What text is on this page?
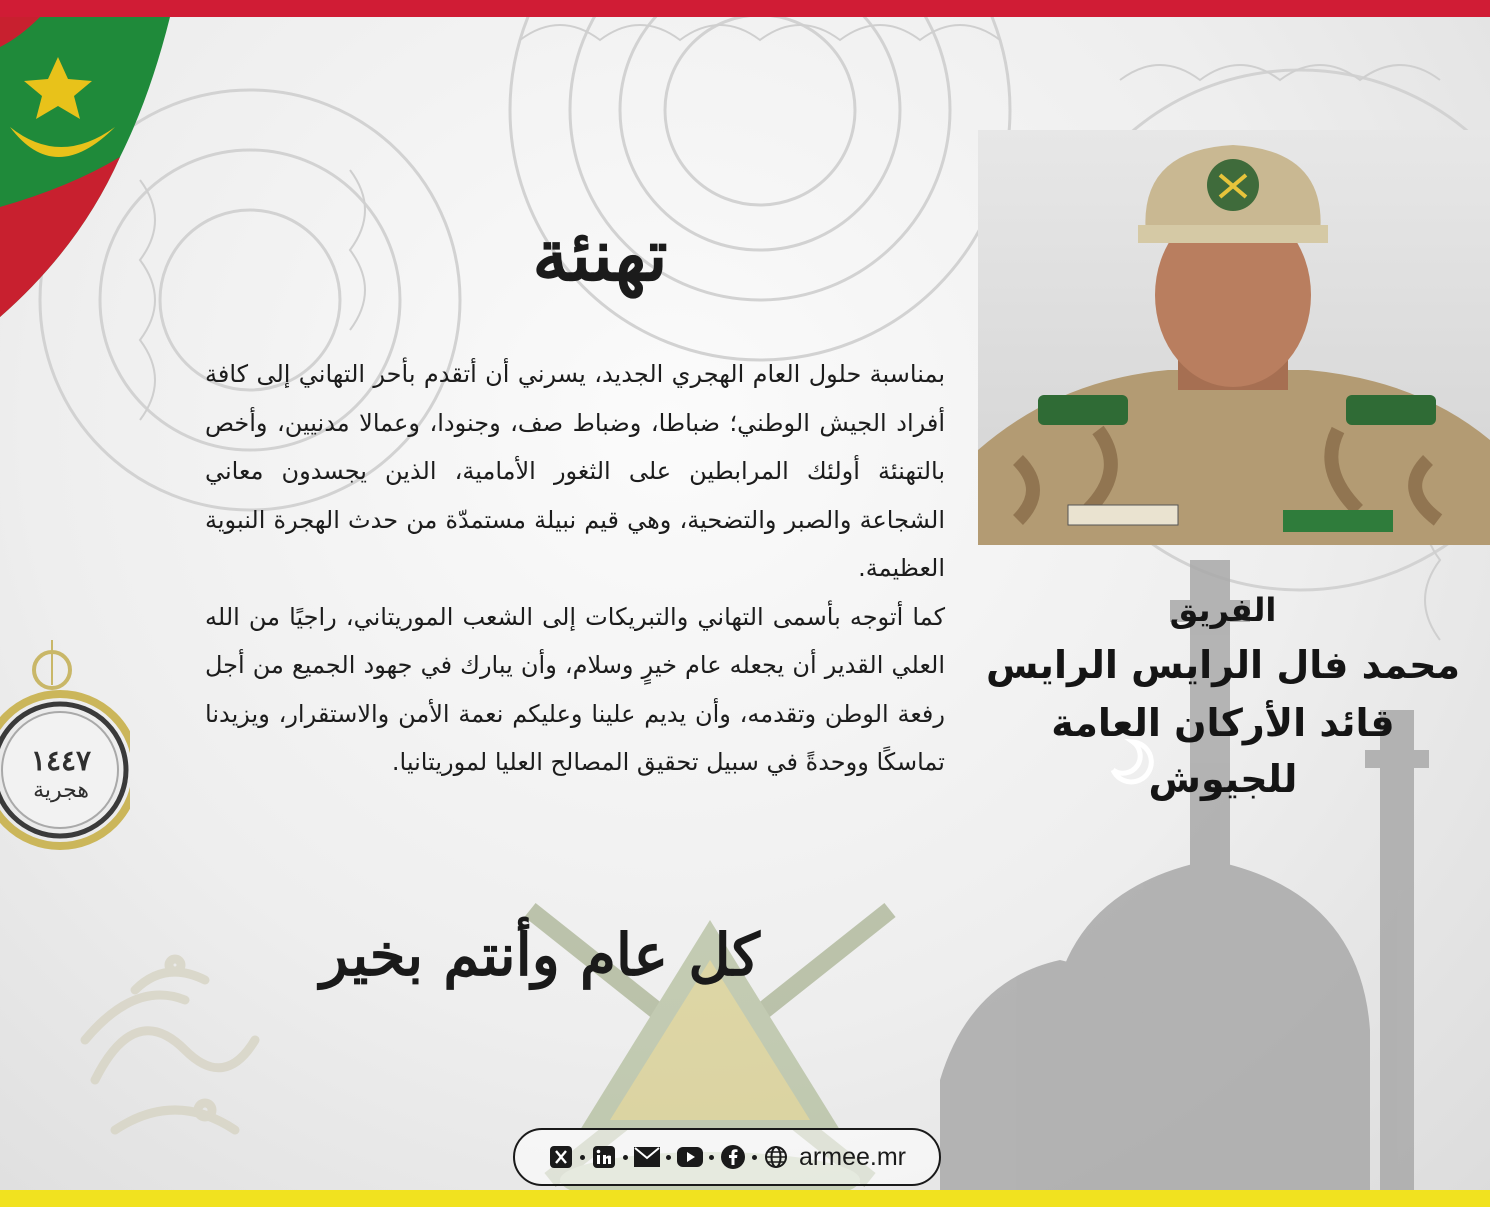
١٤٤٧
هجرية
تهنئة

بمناسبة حلول العام الهجري الجديد، يسرني أن أتقدم بأحر التهاني إلى كافة أفراد الجيش الوطني؛ ضباطا، وضباط صف، وجنودا، وعمالا مدنيين، وأخص بالتهنئة أولئك المرابطين على الثغور الأمامية، الذين يجسدون معاني الشجاعة والصبر والتضحية، وهي قيم نبيلة مستمدّة من حدث الهجرة النبوية العظيمة.

كما أتوجه بأسمى التهاني والتبريكات إلى الشعب الموريتاني، راجيًا من الله العلي القدير أن يجعله عام خيرٍ وسلام، وأن يبارك في جهود الجميع من أجل رفعة الوطن وتقدمه، وأن يديم علينا وعليكم نعمة الأمن والاستقرار، ويزيدنا تماسكًا ووحدةً في سبيل تحقيق المصالح العليا لموريتانيا.

كل عام وأنتم بخير
الفريق
محمد فال الرايس الرايس
قائد الأركان العامة للجيوش
armee.mr
